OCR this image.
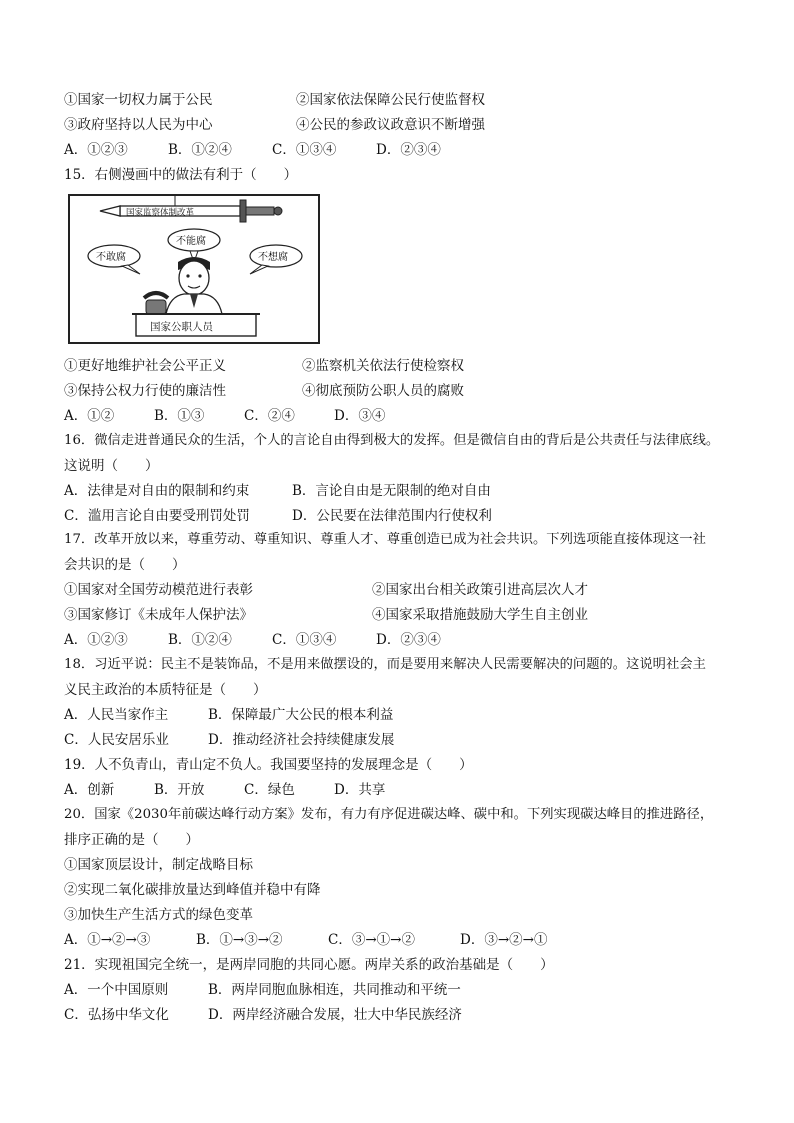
①国家一切权力属于公民	②国家依法保障公民行使监督权
③政府坚持以人民为中心	④公民的参政议政意识不断增强
A．①②③	B．①②④	C．①③④	D．②③④
15．右侧漫画中的做法有利于（　　）
国家监察体制改革
不敢腐
不能腐
不想腐
国家公职人员
①更好地维护社会公平正义	②监察机关依法行使检察权
③保持公权力行使的廉洁性	④彻底预防公职人员的腐败
A．①②	B．①③	C．②④	D．③④
16．微信走进普通民众的生活，个人的言论自由得到极大的发挥。但是微信自由的背后是公共责任与法律底线。
这说明（　　）
A．法律是对自由的限制和约束	B．言论自由是无限制的绝对自由
C．滥用言论自由要受刑罚处罚	D．公民要在法律范围内行使权利
17．改革开放以来，尊重劳动、尊重知识、尊重人才、尊重创造已成为社会共识。下列选项能直接体现这一社
会共识的是（　　）
①国家对全国劳动模范进行表彰	②国家出台相关政策引进高层次人才
③国家修订《未成年人保护法》	④国家采取措施鼓励大学生自主创业
A．①②③	B．①②④	C．①③④	D．②③④
18．习近平说：民主不是装饰品，不是用来做摆设的，而是要用来解决人民需要解决的问题的。这说明社会主
义民主政治的本质特征是（　　）
A．人民当家作主	B．保障最广大公民的根本利益
C．人民安居乐业	D．推动经济社会持续健康发展
19．人不负青山，青山定不负人。我国要坚持的发展理念是（　　）
A．创新	B．开放	C．绿色	D．共享
20．国家《2030年前碳达峰行动方案》发布，有力有序促进碳达峰、碳中和。下列实现碳达峰目的推进路径，
排序正确的是（　　）
①国家顶层设计，制定战略目标
②实现二氧化碳排放量达到峰值并稳中有降
③加快生产生活方式的绿色变革
A．①→②→③	B．①→③→②	C．③→①→②	D．③→②→①
21．实现祖国完全统一，是两岸同胞的共同心愿。两岸关系的政治基础是（　　）
A．一个中国原则	B．两岸同胞血脉相连，共同推动和平统一
C．弘扬中华文化	D．两岸经济融合发展，壮大中华民族经济
